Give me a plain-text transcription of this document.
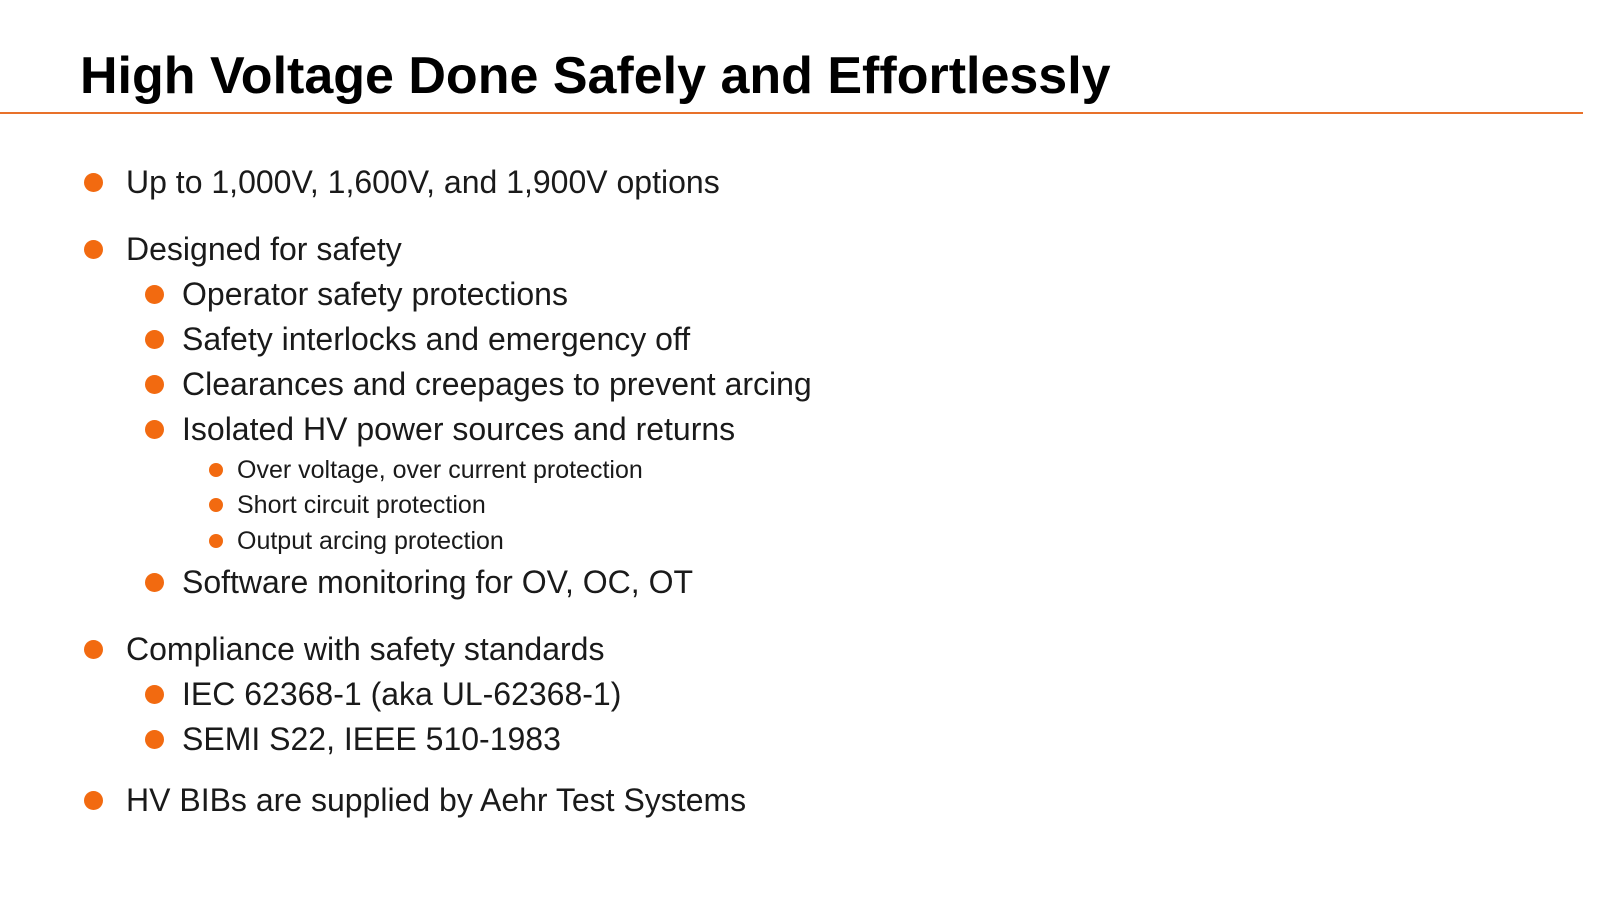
High Voltage Done Safely and Effortlessly
Up to 1,000V, 1,600V, and 1,900V options
Designed for safety
Operator safety protections
Safety interlocks and emergency off
Clearances and creepages to prevent arcing
Isolated HV power sources and returns
Over voltage, over current protection
Short circuit protection
Output arcing protection
Software monitoring for OV, OC, OT
Compliance with safety standards
IEC 62368-1 (aka UL-62368-1)
SEMI S22, IEEE 510-1983
HV BIBs are supplied by Aehr Test Systems
